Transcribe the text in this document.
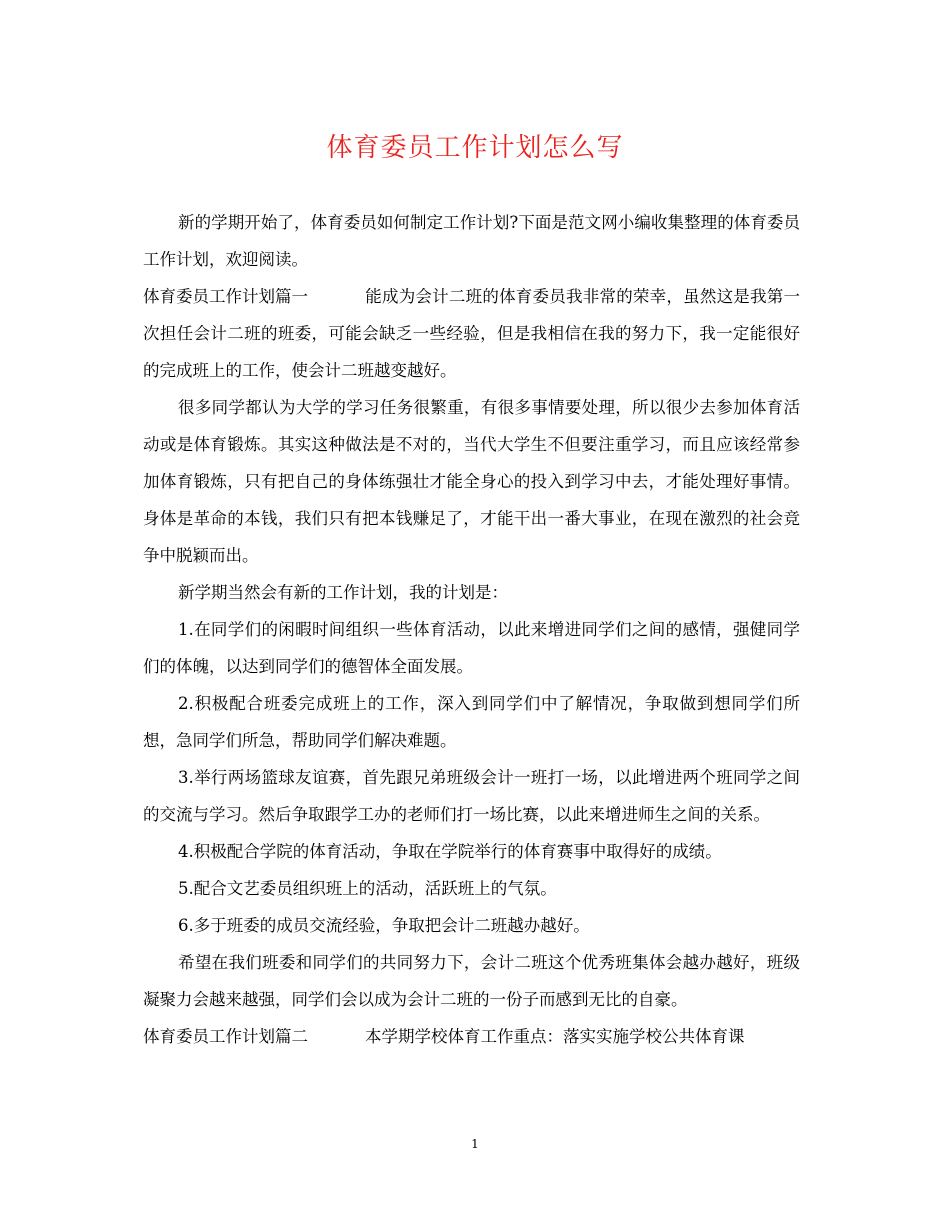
体育委员工作计划怎么写

新的学期开始了，体育委员如何制定工作计划?下面是范文网小编收集整理的体育委员工作计划，欢迎阅读。

体育委员工作计划篇一	能成为会计二班的体育委员我非常的荣幸，虽然这是我第一次担任会计二班的班委，可能会缺乏一些经验，但是我相信在我的努力下，我一定能很好的完成班上的工作，使会计二班越变越好。

很多同学都认为大学的学习任务很繁重，有很多事情要处理，所以很少去参加体育活动或是体育锻炼。其实这种做法是不对的，当代大学生不但要注重学习，而且应该经常参加体育锻炼，只有把自己的身体练强壮才能全身心的投入到学习中去，才能处理好事情。身体是革命的本钱，我们只有把本钱赚足了，才能干出一番大事业，在现在激烈的社会竞争中脱颖而出。

新学期当然会有新的工作计划，我的计划是：

1.在同学们的闲暇时间组织一些体育活动，以此来增进同学们之间的感情，强健同学们的体魄，以达到同学们的德智体全面发展。

2.积极配合班委完成班上的工作，深入到同学们中了解情况，争取做到想同学们所想，急同学们所急，帮助同学们解决难题。

3.举行两场篮球友谊赛，首先跟兄弟班级会计一班打一场，以此增进两个班同学之间的交流与学习。然后争取跟学工办的老师们打一场比赛，以此来增进师生之间的关系。

4.积极配合学院的体育活动，争取在学院举行的体育赛事中取得好的成绩。

5.配合文艺委员组织班上的活动，活跃班上的气氛。

6.多于班委的成员交流经验，争取把会计二班越办越好。

希望在我们班委和同学们的共同努力下，会计二班这个优秀班集体会越办越好，班级凝聚力会越来越强，同学们会以成为会计二班的一份子而感到无比的自豪。

体育委员工作计划篇二	本学期学校体育工作重点：落实实施学校公共体育课

1
